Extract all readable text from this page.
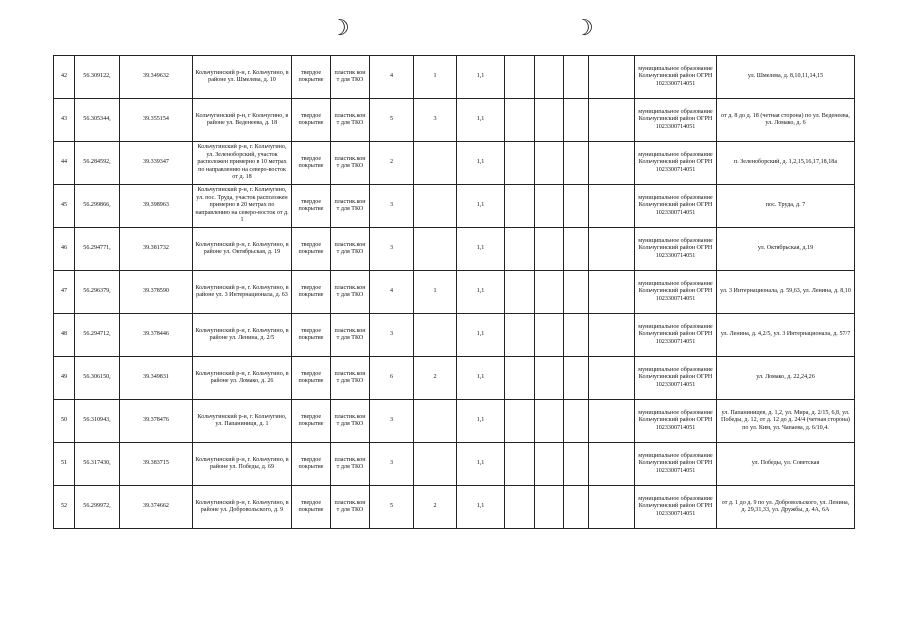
☽	☽
42	56.309122,	39.349632	Кольчугинский р-н, г. Кольчугино, в районе ул. Шмелева, д. 10	твердое покрытие	пластик кон т для ТКО	4	1	1,1					муниципальное образование Кольчугинский район ОГРН 1023300714051	ул. Шмелева, д. 8,10,11,14,15
43	56.305344,	39.355154	Кольчугинский р-н, г Кольчугино, в районе ул. Веденеева, д. 18	твердое покрытие	пластик.кон т для ТКО	5	3	1,1					муниципальное образование Кольчугинский район ОГРН 1023300714051	от д. 8 до д. 18 (четная сторона) по ул. Веденеева, ул. Ломако, д. 6
44	56.284592,	39.339347	Кольчугинский р-н, г. Кольчугино, ул. Зеленоборский, участок расположен примерно в 10 метрах по направлению на северо-восток от д. 18	твердое покрытие	пластик.кон т для ТКО	2		1,1					муниципальное образование Кольчугинский район ОГРН 1023300714051	п. Зеленоборский, д. 1,2,15,16,17,18,18а
45	56.299866,	39.398963	Кольчугинский р-н, г. Кольчугино, ул. пос. Труда, участок расположен примерно в 20 метрах по направлению на северо-восток от д. 1	твердое покрытие	пластик.кон т для ТКО	3		1,1					муниципальное образование Кольчугинский район ОГРН 1023300714051	пос. Труда, д. 7
46	56.294771,	39.381732	Кольчугинский р-н, г. Кольчугино, в районе ул. Октябрьская, д. 19	твердое покрытие	пластик.кон т для ТКО	3		1,1					муниципальное образование Кольчугинский район ОГРН 1023300714051	ул. Октябрьская, д.19
47	56.296379,	39.378590	Кольчугинский р-н, г. Кольчугино, в районе ул. 3 Интернационала, д. 63	твердое покрытие	пластик.кон т для ТКО	4	1	1,1					муниципальное образование Кольчугинский район ОГРН 1023300714051	ул. 3 Интернационала, д. 59,63, ул. Ленина, д. 8,10
48	56.294712,	39.378446	Кольчугинский р-н, г. Кольчугино, в районе ул. Ленина, д. 2/5	твердое покрытие	пластик.кон т для ТКО	3		1,1					муниципальное образование Кольчугинский район ОГРН 1023300714051	ул. Ленина, д. 4,2/5, ул. 3 Интернационала, д. 57/7
49	56.306150,	39.349831	Кольчугинский р-н, г. Кольчугино, в районе ул. Ломако, д. 26	твердое покрытие	пластик.кон т для ТКО	6	2	1,1					муниципальное образование Кольчугинский район ОГРН 1023300714051	ул. Ломако, д. 22,24,26
50	56.310943,	39.378476	Кольчугинский р-н, г. Кольчугино, ул. Папаниниця, д. 1	твердое покрытие	пластик.кон т для ТКО	3		1,1					муниципальное образование Кольчугинский район ОГРН 1023300714051	ул. Папаниницев, д. 1,2, ул. Мира, д. 2/15, 6,8, ул. Победы, д. 12, от д. 12 до д. 24/4 (четная сторона) по ул. Ким, ул. Чапаева, д. 6/10,4.
51	56.317430,	39.383715	Кольчугинский р-н, г. Кольчугино, в районе ул. Победы, д. 69	твердое покрытие	пластик.кон т для ТКО	3		1,1					муниципальное образование Кольчугинский район ОГРН 1023300714051	ул. Победы, ул. Советская
52	56.299972,	39.374662	Кольчугинский р-н, г. Кольчугино, в районе ул. Добровольского, д. 9	твердое покрытие	пластик.кон т для ТКО	5	2	1,1					муниципальное образование Кольчугинский район ОГРН 1023300714051	от д. 1 до д. 9 по ул. Добровольского, ул. Ленина, д. 29,31,33, ул. Дружбы, д. 4А, 6А
